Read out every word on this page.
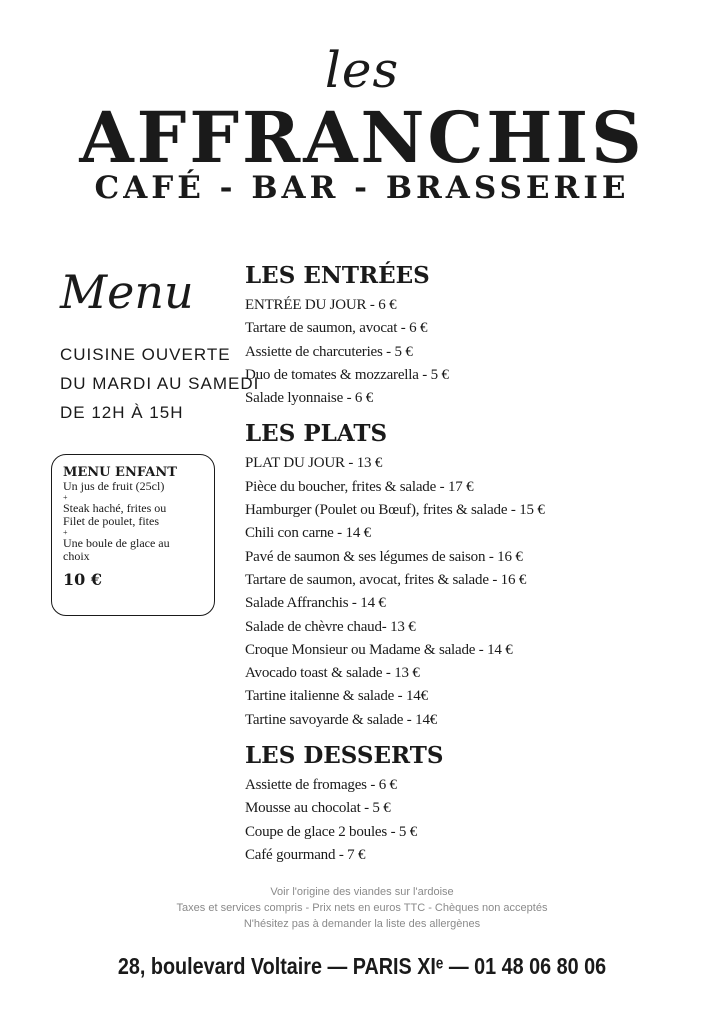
les
AFFRANCHIS
CAFÉ - BAR - BRASSERIE
Menu
CUISINE OUVERTE
DU MARDI AU SAMEDI
DE 12H À 15H
MENU ENFANT
Un jus de fruit (25cl)
+
Steak haché, frites ou
Filet de poulet, fites
+
Une boule de glace au
choix
10 €
LES ENTRÉES
ENTRÉE DU JOUR - 6 €
Tartare de saumon, avocat - 6 €
Assiette de charcuteries - 5 €
Duo de tomates & mozzarella - 5 €
Salade lyonnaise - 6 €
LES PLATS
PLAT DU JOUR - 13 €
Pièce du boucher, frites & salade - 17 €
Hamburger (Poulet ou Bœuf), frites & salade - 15 €
Chili con carne - 14 €
Pavé de saumon & ses légumes de saison - 16 €
Tartare de saumon, avocat, frites & salade - 16 €
Salade Affranchis - 14 €
Salade de chèvre chaud- 13 €
Croque Monsieur ou Madame & salade - 14 €
Avocado toast & salade - 13 €
Tartine italienne & salade - 14€
Tartine savoyarde & salade - 14€
LES DESSERTS
Assiette de fromages - 6 €
Mousse au chocolat - 5 €
Coupe de glace 2 boules - 5 €
Café gourmand - 7 €
Voir l'origine des viandes sur l'ardoise
Taxes et services compris - Prix nets en euros TTC - Chèques non acceptés
N'hésitez pas à demander la liste des allergènes
28, boulevard Voltaire — PARIS XIᵉ — 01 48 06 80 06
